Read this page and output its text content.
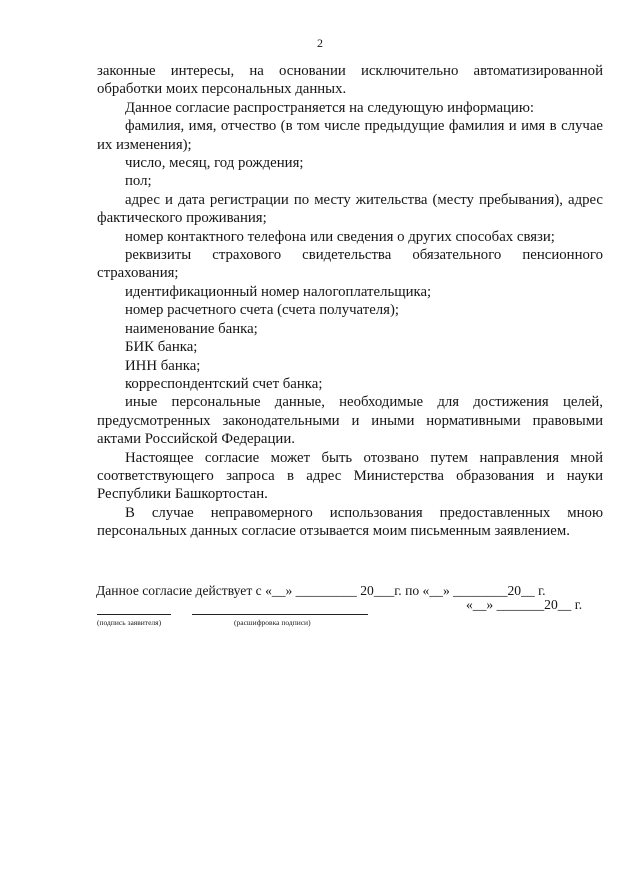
2

законные интересы, на основании исключительно автоматизированной обработки моих персональных данных.

Данное согласие распространяется на следующую информацию:

фамилия, имя, отчество (в том числе предыдущие фамилия и имя в случае их изменения);

число, месяц, год рождения;

пол;

адрес и дата регистрации по месту жительства (месту пребывания), адрес фактического проживания;

номер контактного телефона или сведения о других способах связи;

реквизиты страхового свидетельства обязательного пенсионного страхования;

идентификационный номер налогоплательщика;

номер расчетного счета (счета получателя);

наименование банка;

БИК банка;

ИНН банка;

корреспондентский счет банка;

иные персональные данные, необходимые для достижения целей, предусмотренных законодательными и иными нормативными правовыми актами Российской Федерации.

Настоящее согласие может быть отозвано путем направления мной соответствующего запроса в адрес Министерства образования и науки Республики Башкортостан.

В случае неправомерного использования предоставленных мною персональных данных согласие отзывается моим письменным заявлением.

Данное согласие действует с «__» _________ 20___г. по «__» ________20__ г.
«__» _______20__ г.
(подпись заявителя)	(расшифровка подписи)
